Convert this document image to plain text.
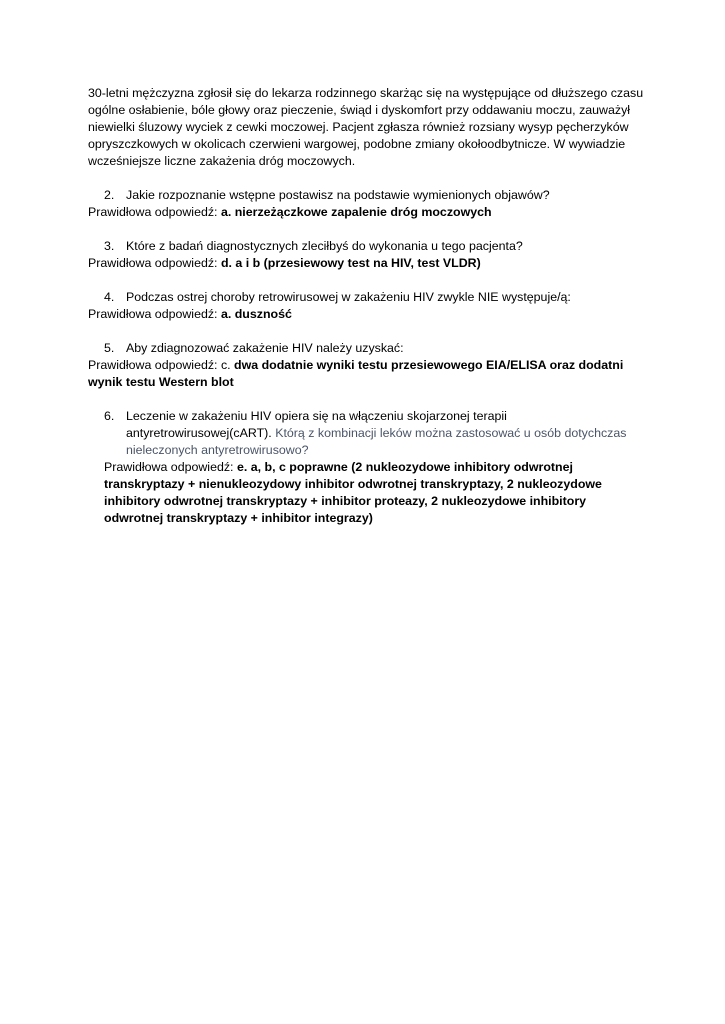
30-letni mężczyzna zgłosił się do lekarza rodzinnego skarżąc się na występujące od dłuższego czasu ogólne osłabienie, bóle głowy oraz pieczenie, świąd i dyskomfort przy oddawaniu moczu, zauważył niewielki śluzowy wyciek z cewki moczowej. Pacjent zgłasza również rozsiany wysyp pęcherzyków opryszczkowych w okolicach czerwieni wargowej, podobne zmiany okołoodbytnicze. W wywiadzie wcześniejsze liczne zakażenia dróg moczowych.

2. Jakie rozpoznanie wstępne postawisz na podstawie wymienionych objawów?

Prawidłowa odpowiedź: a. nierzeżączkowe zapalenie dróg moczowych

3. Które z badań diagnostycznych zleciłbyś do wykonania u tego pacjenta?

Prawidłowa odpowiedź: d. a i b (przesiewowy test na HIV, test VLDR)

4. Podczas ostrej choroby retrowirusowej w zakażeniu HIV zwykle NIE występuje/ą:

Prawidłowa odpowiedź: a. duszność

5. Aby zdiagnozować zakażenie HIV należy uzyskać:

Prawidłowa odpowiedź: c. dwa dodatnie wyniki testu przesiewowego EIA/ELISA oraz dodatni wynik testu Western blot

6. Leczenie w zakażeniu HIV opiera się na włączeniu skojarzonej terapii antyretrowirusowej(cART). Którą z kombinacji leków można zastosować u osób dotychczas nieleczonych antyretrowirusowo?

Prawidłowa odpowiedź: e. a, b, c poprawne (2 nukleozydowe inhibitory odwrotnej transkryptazy + nienukleozydowy inhibitor odwrotnej transkryptazy, 2 nukleozydowe inhibitory odwrotnej transkryptazy + inhibitor proteazy, 2 nukleozydowe inhibitory odwrotnej transkryptazy + inhibitor integrazy)
